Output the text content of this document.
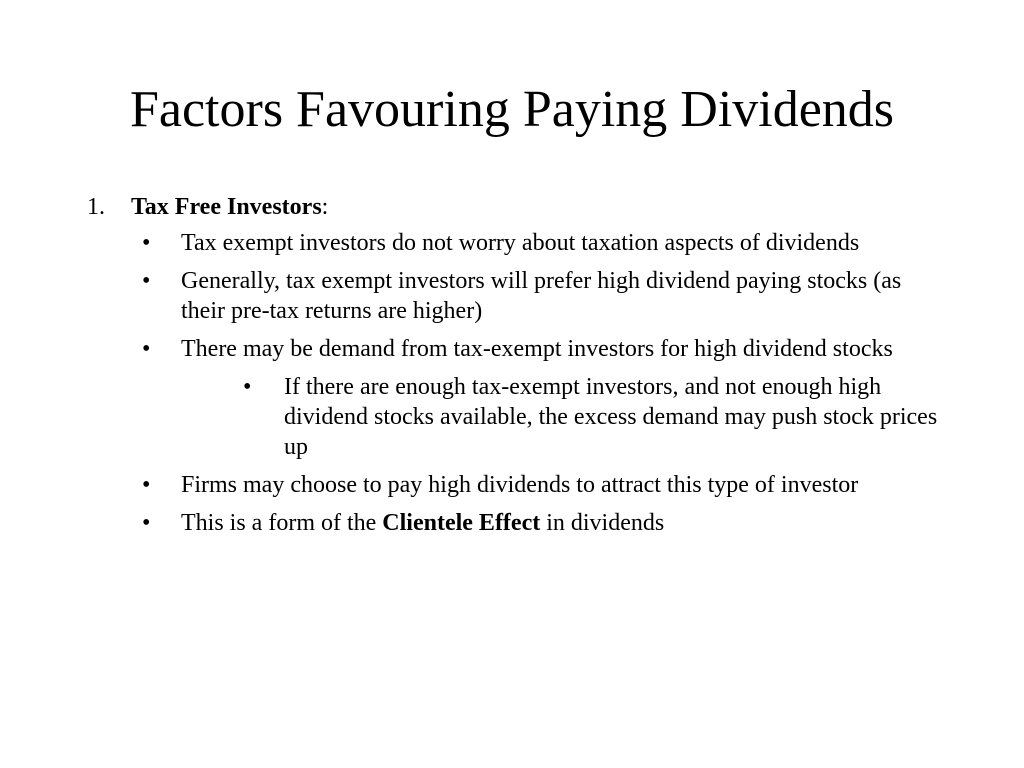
Factors Favouring Paying Dividends
1. Tax Free Investors:
• Tax exempt investors do not worry about taxation aspects of dividends
• Generally, tax exempt investors will prefer high dividend paying stocks (as their pre-tax returns are higher)
• There may be demand from tax-exempt investors for high dividend stocks
• If there are enough tax-exempt investors, and not enough high dividend stocks available, the excess demand may push stock prices up
• Firms may choose to pay high dividends to attract this type of investor
• This is a form of the Clientele Effect in dividends
